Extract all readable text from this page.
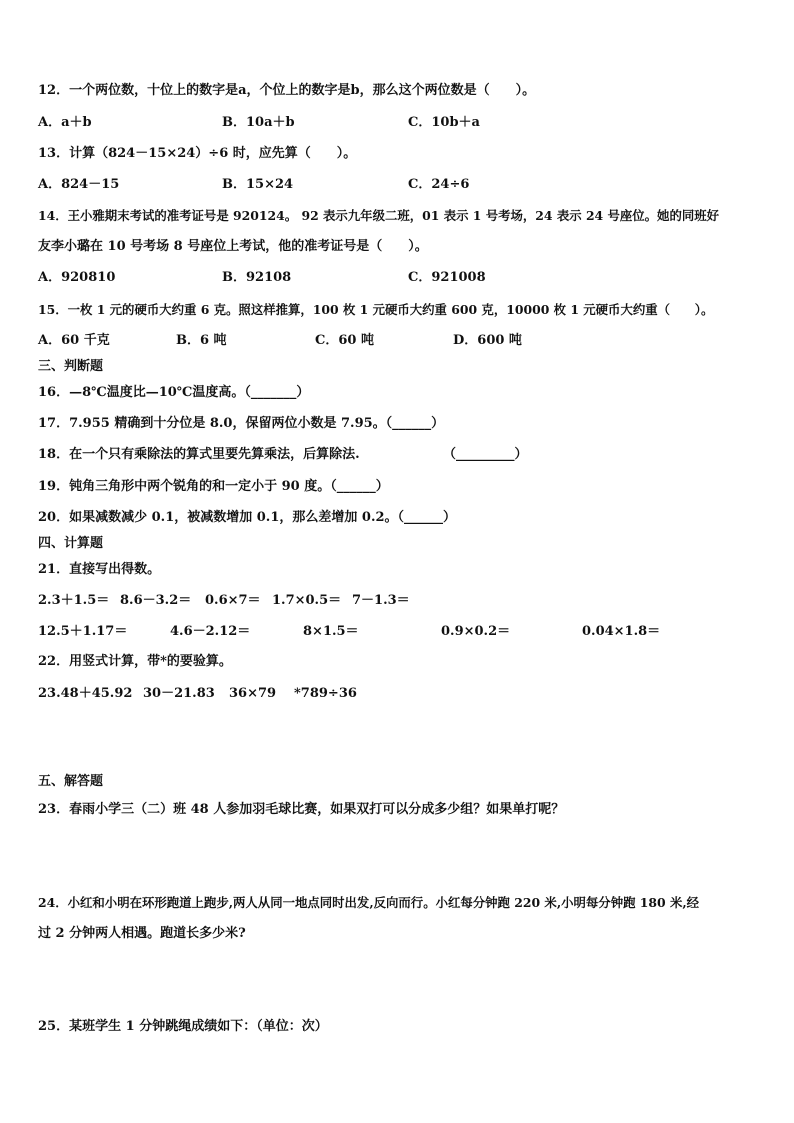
12．一个两位数，十位上的数字是a，个位上的数字是b，那么这个两位数是（　　）。
A．a＋b	B．10a＋b	C．10b＋a
13．计算（824－15×24）÷6 时，应先算（　　）。
A．824－15	B．15×24	C．24÷6
14．王小雅期末考试的准考证号是 920124。 92 表示九年级二班，01 表示 1 号考场，24 表示 24 号座位。她的同班好
友李小璐在 10 号考场 8 号座位上考试，他的准考证号是（　　）。
A．920810	B．92108	C．921008
15．一枚 1 元的硬币大约重 6 克。照这样推算，100 枚 1 元硬币大约重 600 克，10000 枚 1 元硬币大约重（　　）。
A．60 千克	B．6 吨	C．60 吨	D．600 吨
三、判断题
16．—8℃温度比—10℃温度高。（_______）
17．7.955 精确到十分位是 8.0，保留两位小数是 7.95。（______）
18．在一个只有乘除法的算式里要先算乘法，后算除法.	（_________）
19．钝角三角形中两个锐角的和一定小于 90 度。（______）
20．如果减数减少 0.1，被减数增加 0.1，那么差增加 0.2。（______）
四、计算题
21．直接写出得数。
2.3＋1.5＝ 8.6－3.2＝ 0.6×7＝ 1.7×0.5＝ 7－1.3＝
12.5＋1.17＝	4.6－2.12＝	8×1.5＝	0.9×0.2＝	0.04×1.8＝
22．用竖式计算，带*的要验算。
23.48＋45.92 30－21.83 36×79 *789÷36
五、解答题
23．春雨小学三（二）班 48 人参加羽毛球比赛，如果双打可以分成多少组？如果单打呢？
24．小红和小明在环形跑道上跑步,两人从同一地点同时出发,反向而行。小红每分钟跑 220 米,小明每分钟跑 180 米,经
过 2 分钟两人相遇。跑道长多少米?
25．某班学生 1 分钟跳绳成绩如下：（单位：次）
